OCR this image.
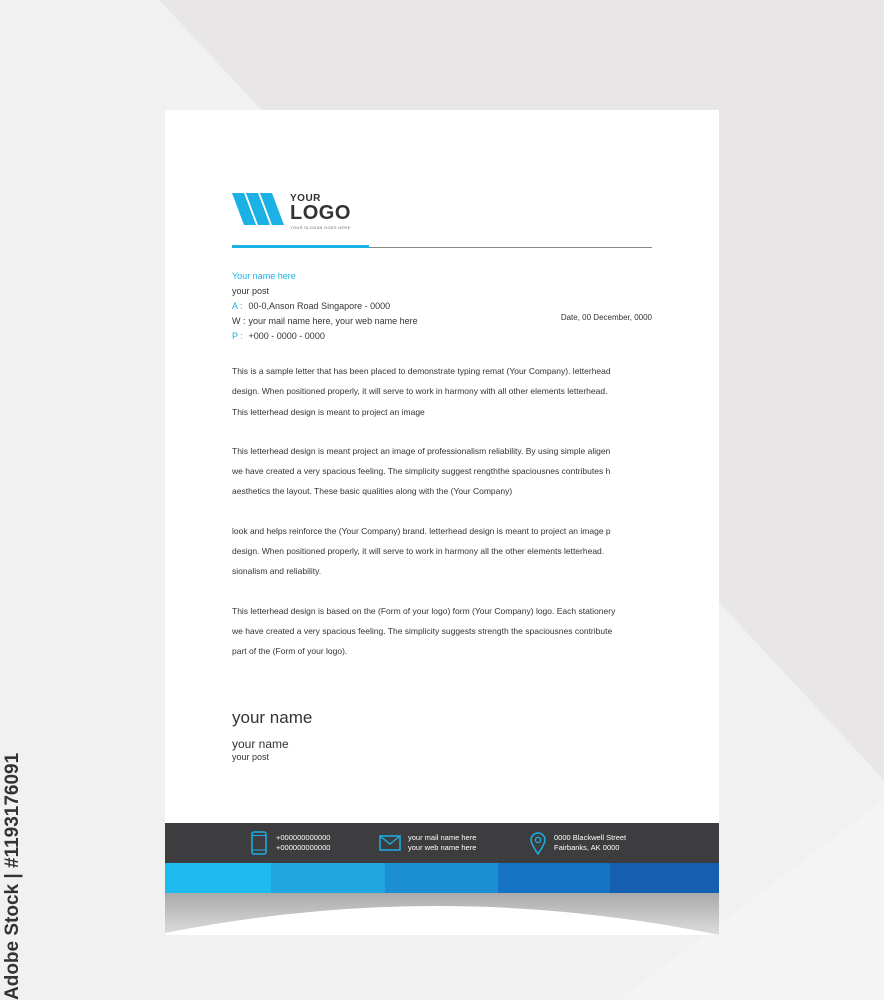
YOUR
LOGO
YOUR SLOGAN GOES HERE
Your name here
your post
A : 00-0,Anson Road Singapore - 0000
W : your mail name here, your web name here
P : +000 - 0000 - 0000
Date, 00 December, 0000

This is a sample letter that has been placed to demonstrate typing remat (Your Company). letterhead
design. When positioned properly, it will serve to work in harmony with all other elements letterhead.
This letterhead design is meant to project an image

This letterhead design is meant project an image of professionalism reliability. By using simple aligen
we have created a very spacious feeling. The simplicity suggest rengththe spaciousnes contributes h
aesthetics the layout. These basic qualities along with the (Your Company)

look and helps reinforce the (Your Company) brand. letterhead design is meant to project an image p
design. When positioned properly, it will serve to work in harmony all the other elements letterhead.
sionalism and reliability.

This letterhead design is based on the (Form of your logo) form (Your Company) logo. Each stationery
we have created a very spacious feeling. The simplicity suggests strength the spaciousnes contribute
part of the (Form of your logo).

your name
your name
your post
+000000000000
+000000000000
your mail name here
your web name here
0000 Blackwell Street
Fairbanks, AK 0000
Adobe Stock | #1193176091
